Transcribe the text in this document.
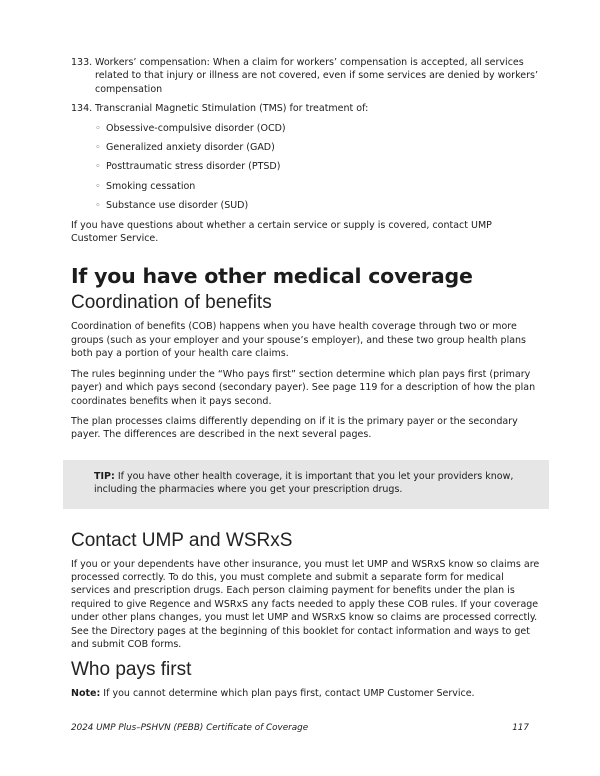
133. Workers’ compensation: When a claim for workers’ compensation is accepted, all services related to that injury or illness are not covered, even if some services are denied by workers’ compensation
134. Transcranial Magnetic Stimulation (TMS) for treatment of:
◦ Obsessive-compulsive disorder (OCD)
◦ Generalized anxiety disorder (GAD)
◦ Posttraumatic stress disorder (PTSD)
◦ Smoking cessation
◦ Substance use disorder (SUD)

If you have questions about whether a certain service or supply is covered, contact UMP Customer Service.

If you have other medical coverage
Coordination of benefits

Coordination of benefits (COB) happens when you have health coverage through two or more groups (such as your employer and your spouse’s employer), and these two group health plans both pay a portion of your health care claims.

The rules beginning under the “Who pays first” section determine which plan pays first (primary payer) and which pays second (secondary payer). See page 119 for a description of how the plan coordinates benefits when it pays second.

The plan processes claims differently depending on if it is the primary payer or the secondary payer. The differences are described in the next several pages.

TIP: If you have other health coverage, it is important that you let your providers know, including the pharmacies where you get your prescription drugs.
Contact UMP and WSRxS

If you or your dependents have other insurance, you must let UMP and WSRxS know so claims are processed correctly. To do this, you must complete and submit a separate form for medical services and prescription drugs. Each person claiming payment for benefits under the plan is required to give Regence and WSRxS any facts needed to apply these COB rules. If your coverage under other plans changes, you must let UMP and WSRxS know so claims are processed correctly. See the Directory pages at the beginning of this booklet for contact information and ways to get and submit COB forms.

Who pays first

Note: If you cannot determine which plan pays first, contact UMP Customer Service.

2024 UMP Plus–PSHVN (PEBB) Certificate of Coverage	117
